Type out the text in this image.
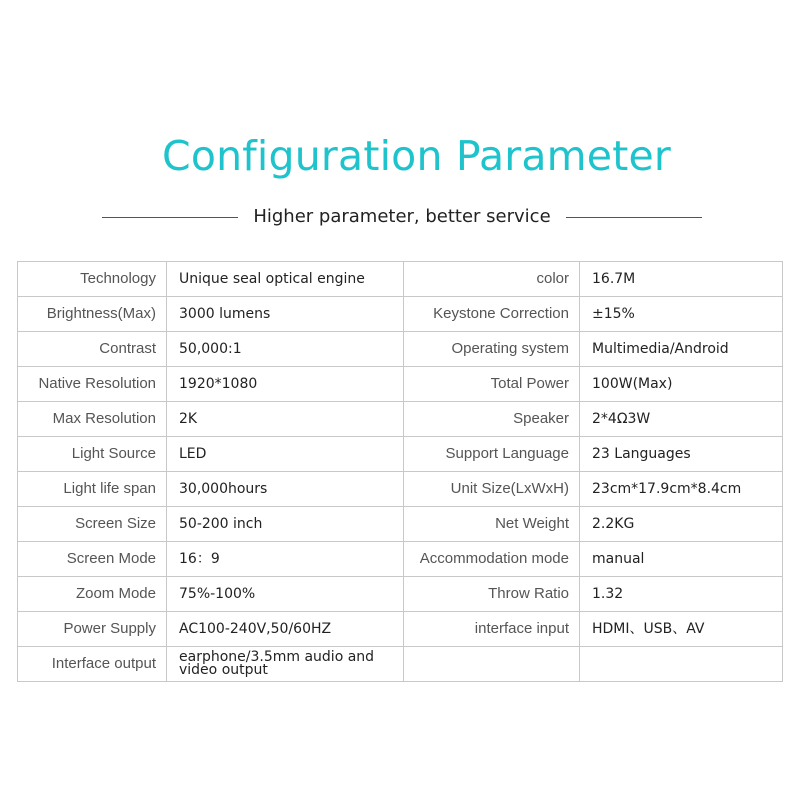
Configuration Parameter
Higher parameter, better service
Technology	Unique seal optical engine	color	16.7M
Brightness(Max)	3000 lumens	Keystone Correction	±15%
Contrast	50,000:1	Operating system	Multimedia/Android
Native Resolution	1920*1080	Total Power	100W(Max)
Max Resolution	2K	Speaker	2*4Ω3W
Light Source	LED	Support Language	23 Languages
Light life span	30,000hours	Unit Size(LxWxH)	23cm*17.9cm*8.4cm
Screen Size	50-200 inch	Net Weight	2.2KG
Screen Mode	16：9	Accommodation mode	manual
Zoom Mode	75%-100%	Throw Ratio	1.32
Power Supply	AC100-240V,50/60HZ	interface input	HDMI、USB、AV
Interface output	earphone/3.5mm audio and video output		
